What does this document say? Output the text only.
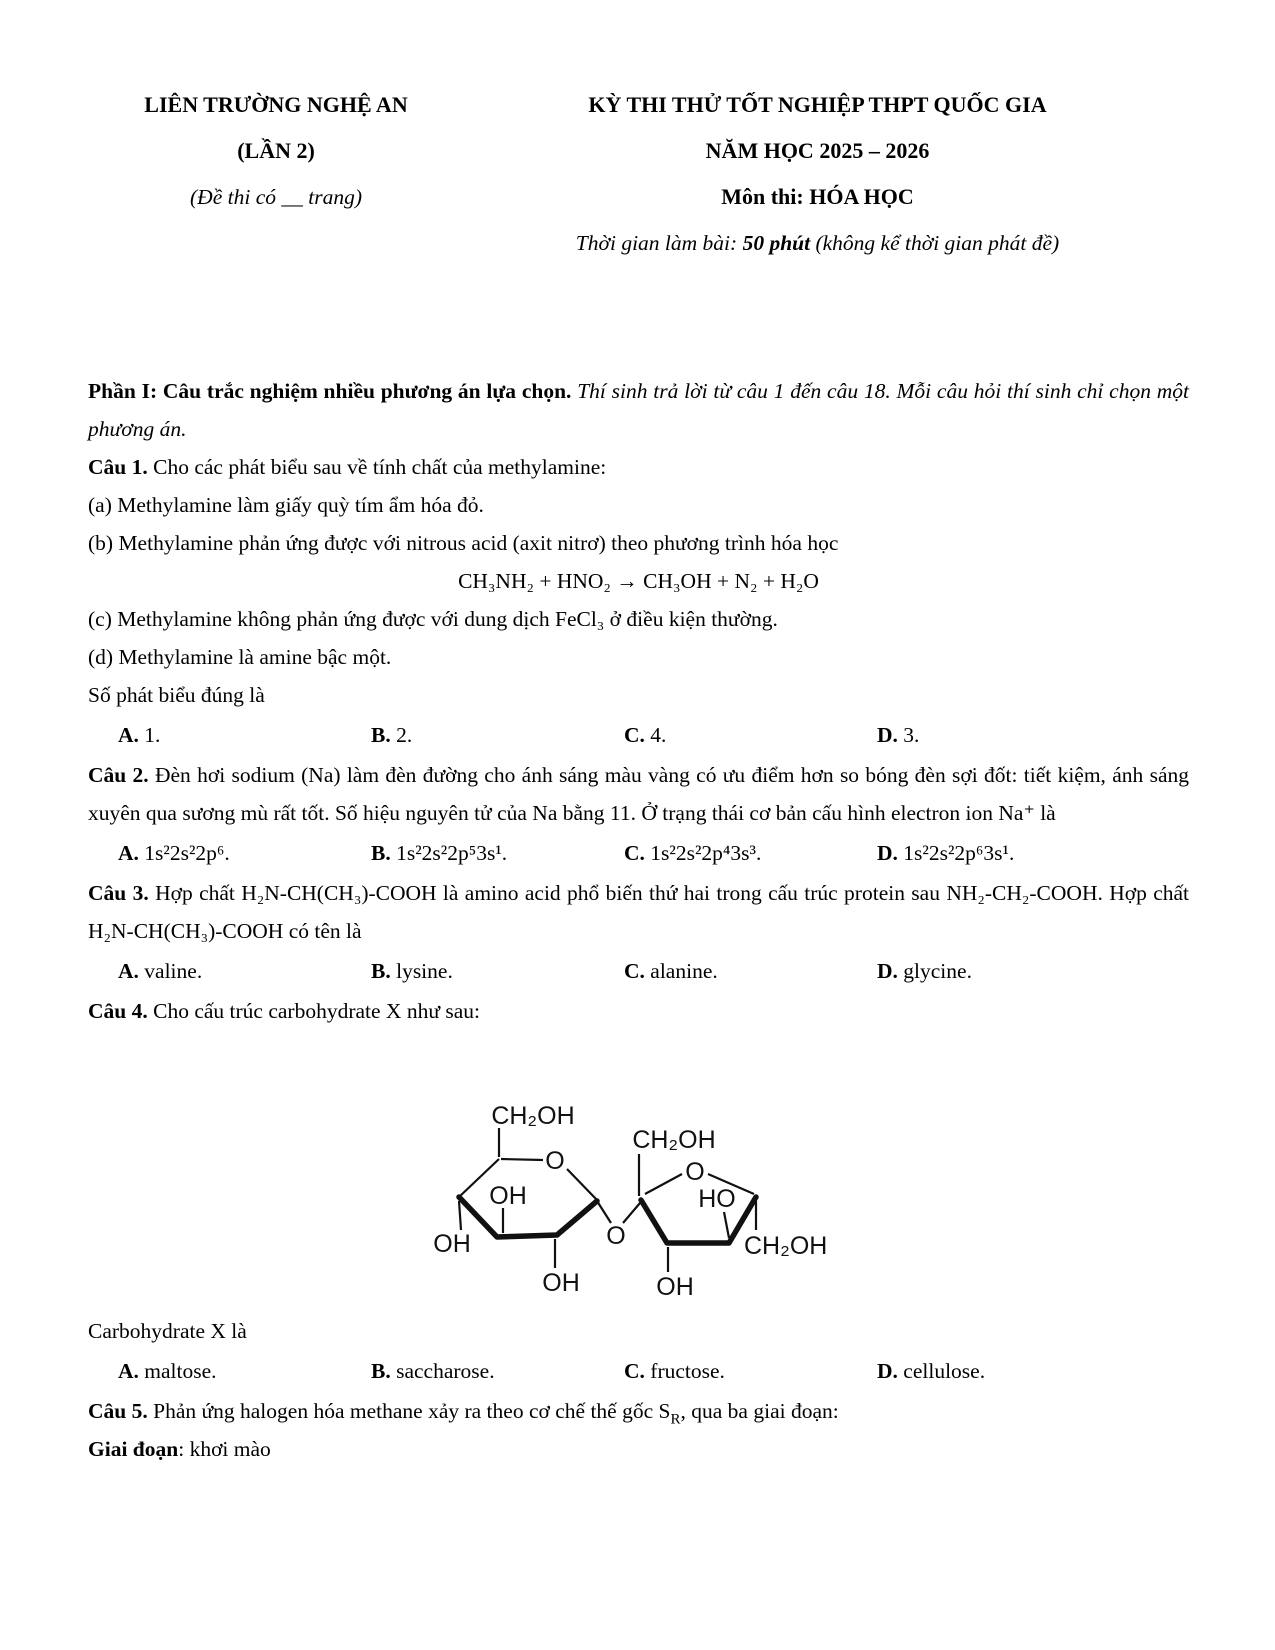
LIÊN TRƯỜNG NGHỆ AN
(LẦN 2)
(Đề thi có __ trang)
KỲ THI THỬ TỐT NGHIỆP THPT QUỐC GIA
NĂM HỌC 2025 – 2026
Môn thi: HÓA HỌC
Thời gian làm bài: 50 phút (không kể thời gian phát đề)

Phần I: Câu trắc nghiệm nhiều phương án lựa chọn. Thí sinh trả lời từ câu 1 đến câu 18. Mỗi câu hỏi thí sinh chỉ chọn một phương án.

Câu 1. Cho các phát biểu sau về tính chất của methylamine:

(a) Methylamine làm giấy quỳ tím ẩm hóa đỏ.

(b) Methylamine phản ứng được với nitrous acid (axit nitrơ) theo phương trình hóa học

CH₃NH₂ + HNO₂ → CH₃OH + N₂ + H₂O

(c) Methylamine không phản ứng được với dung dịch FeCl₃ ở điều kiện thường.

(d) Methylamine là amine bậc một.

Số phát biểu đúng là

A. 1.	B. 2.	C. 4.	D. 3.

Câu 2. Đèn hơi sodium (Na) làm đèn đường cho ánh sáng màu vàng có ưu điểm hơn so bóng đèn sợi đốt: tiết kiệm, ánh sáng xuyên qua sương mù rất tốt. Số hiệu nguyên tử của Na bằng 11. Ở trạng thái cơ bản cấu hình electron ion Na⁺ là

A. 1s²2s²2p⁶.	B. 1s²2s²2p⁵3s¹.	C. 1s²2s²2p⁴3s³.	D. 1s²2s²2p⁶3s¹.

Câu 3. Hợp chất H₂N-CH(CH₃)-COOH là amino acid phổ biến thứ hai trong cấu trúc protein sau NH₂-CH₂-COOH. Hợp chất H₂N-CH(CH₃)-COOH có tên là

A. valine.	B. lysine.	C. alanine.	D. glycine.

Câu 4. Cho cấu trúc carbohydrate X như sau:

CH₂OH
O
OH
OH
OH
O
CH₂OH
O
HO
CH₂OH
OH

Carbohydrate X là

A. maltose.	B. saccharose.	C. fructose.	D. cellulose.

Câu 5. Phản ứng halogen hóa methane xảy ra theo cơ chế thế gốc $S_R$, qua ba giai đoạn:

Giai đoạn: khơi mào
